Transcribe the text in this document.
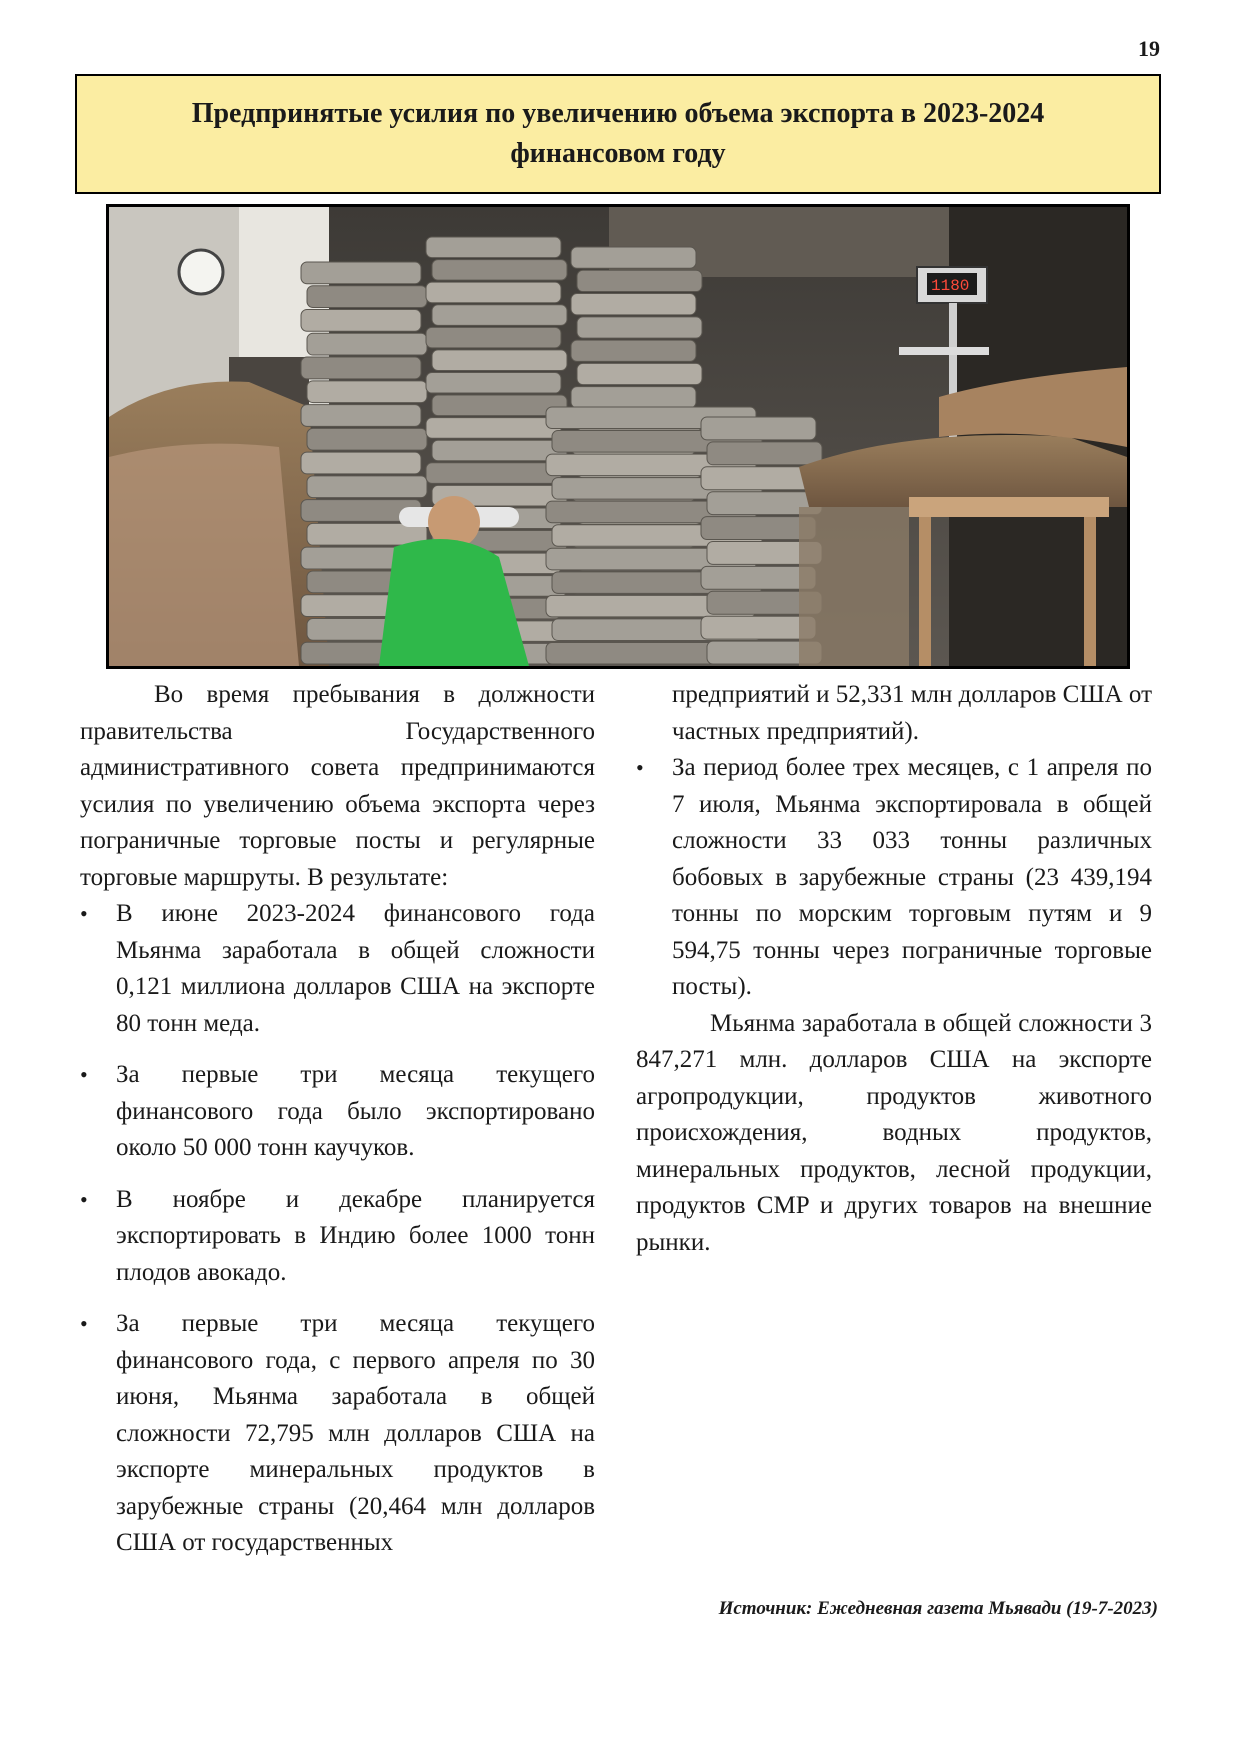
19
Предпринятые усилия по увеличению объема экспорта в 2023-2024 финансовом году
1180

Во время пребывания в должности правительства Государственного административного совета предпринимаются усилия по увеличению объема экспорта через пограничные торговые посты и регулярные торговые маршруты. В результате:

• В июне 2023-2024 финансового года Мьянма заработала в общей сложности 0,121 миллиона долларов США на экспорте 80 тонн меда.
• За первые три месяца текущего финансового года было экспортировано около 50 000 тонн каучуков.
• В ноябре и декабре планируется экспортировать в Индию более 1000 тонн плодов авокадо.
• За первые три месяца текущего финансового года, с первого апреля по 30 июня, Мьянма заработала в общей сложности 72,795 млн долларов США на экспорте минеральных продуктов в зарубежные страны (20,464 млн долларов США от государственных

предприятий и 52,331 млн долларов США от частных предприятий).

• За период более трех месяцев, с 1 апреля по 7 июля, Мьянма экспортировала в общей сложности 33 033 тонны различных бобовых в зарубежные страны (23 439,194 тонны по морским торговым путям и 9 594,75 тонны через пограничные торговые посты).

Мьянма заработала в общей сложности 3 847,271 млн. долларов США на экспорте агропродукции, продуктов животного происхождения, водных продуктов, минеральных продуктов, лесной продукции, продуктов CMP и других товаров на внешние рынки.

Источник: Ежедневная газета Мьявади (19-7-2023)
